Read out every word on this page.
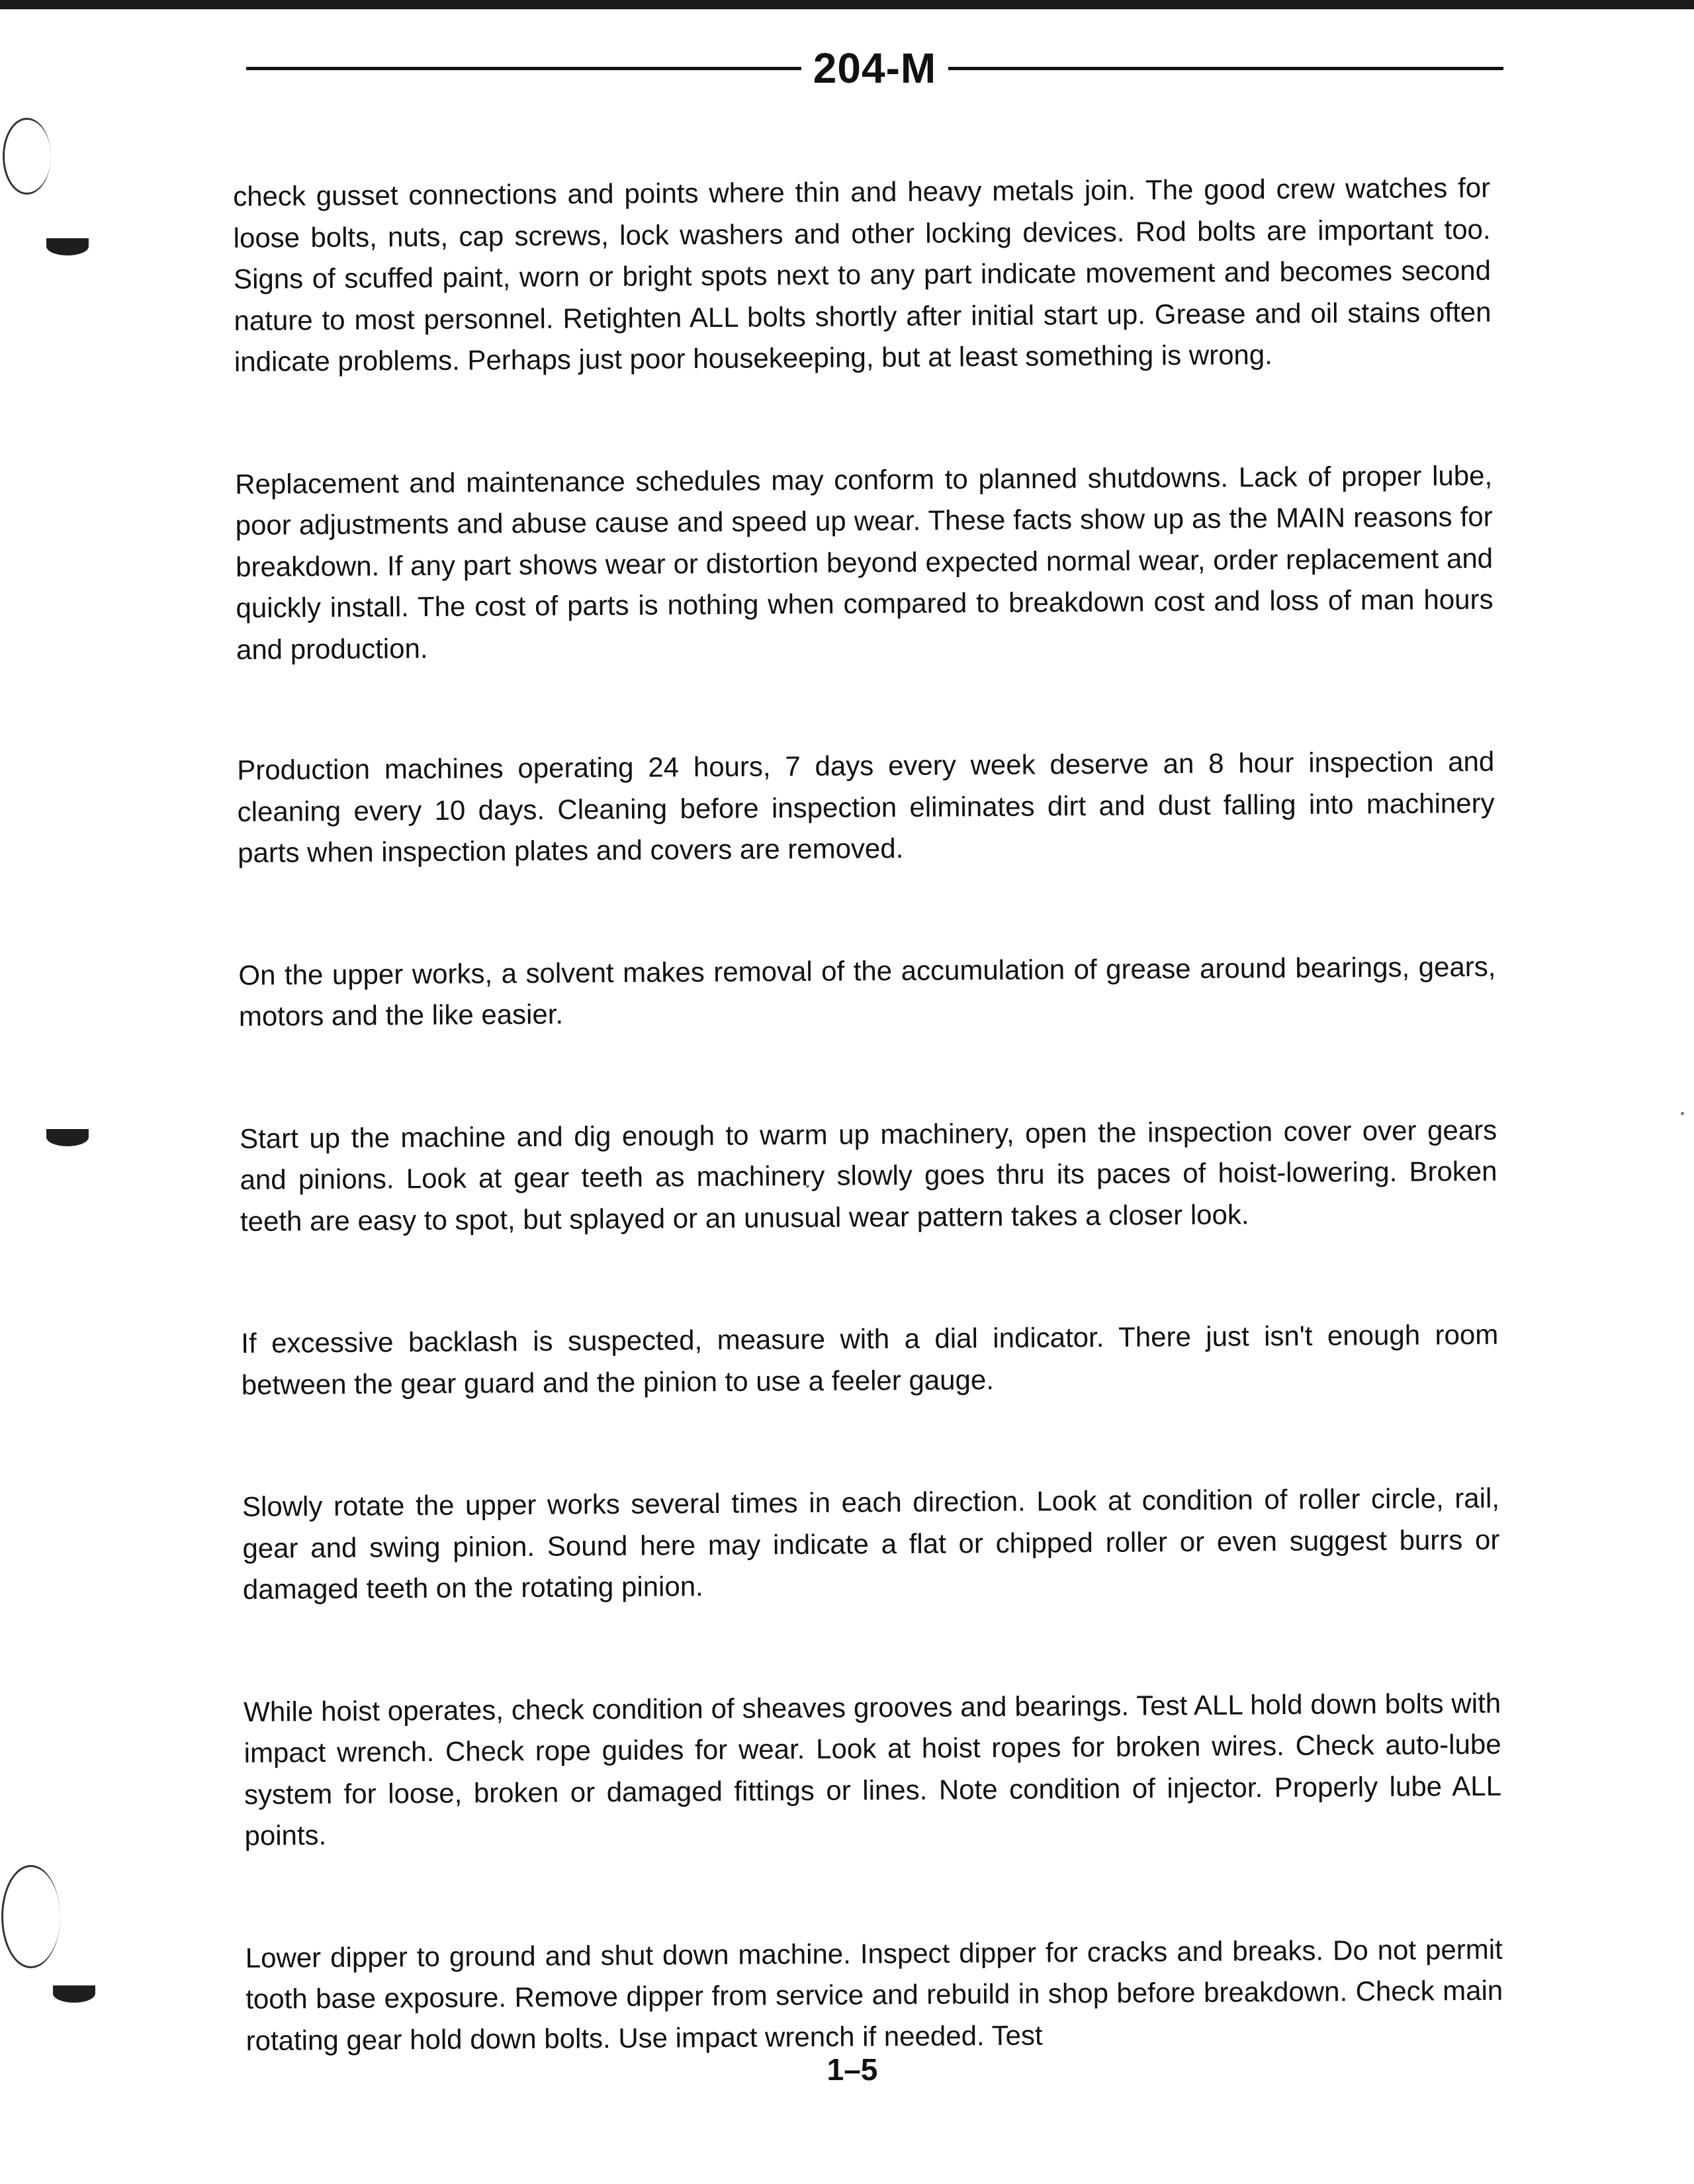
204-M

check gusset connections and points where thin and heavy metals join. The good crew watches for loose bolts, nuts, cap screws, lock washers and other locking devices. Rod bolts are important too. Signs of scuffed paint, worn or bright spots next to any part indicate movement and becomes second nature to most personnel. Retighten ALL bolts shortly after initial start up. Grease and oil stains often indicate problems. Perhaps just poor housekeeping, but at least something is wrong.

Replacement and maintenance schedules may conform to planned shutdowns. Lack of proper lube, poor adjustments and abuse cause and speed up wear. These facts show up as the MAIN reasons for breakdown. If any part shows wear or distortion beyond expected normal wear, order replacement and quickly install. The cost of parts is nothing when compared to breakdown cost and loss of man hours and production.

Production machines operating 24 hours, 7 days every week deserve an 8 hour inspection and cleaning every 10 days. Cleaning before inspection eliminates dirt and dust falling into machinery parts when inspection plates and covers are removed.

On the upper works, a solvent makes removal of the accumulation of grease around bearings, gears, motors and the like easier.

Start up the machine and dig enough to warm up machinery, open the inspection cover over gears and pinions. Look at gear teeth as machinery slowly goes thru its paces of hoist-lowering. Broken teeth are easy to spot, but splayed or an unusual wear pattern takes a closer look.

If excessive backlash is suspected, measure with a dial indicator. There just isn't enough room between the gear guard and the pinion to use a feeler gauge.

Slowly rotate the upper works several times in each direction. Look at condition of roller circle, rail, gear and swing pinion. Sound here may indicate a flat or chipped roller or even suggest burrs or damaged teeth on the rotating pinion.

While hoist operates, check condition of sheaves grooves and bearings. Test ALL hold down bolts with impact wrench. Check rope guides for wear. Look at hoist ropes for broken wires. Check auto-lube system for loose, broken or damaged fittings or lines. Note condition of injector. Properly lube ALL points.

Lower dipper to ground and shut down machine. Inspect dipper for cracks and breaks. Do not permit tooth base exposure. Remove dipper from service and rebuild in shop before breakdown. Check main rotating gear hold down bolts. Use impact wrench if needed. Test

1–5
